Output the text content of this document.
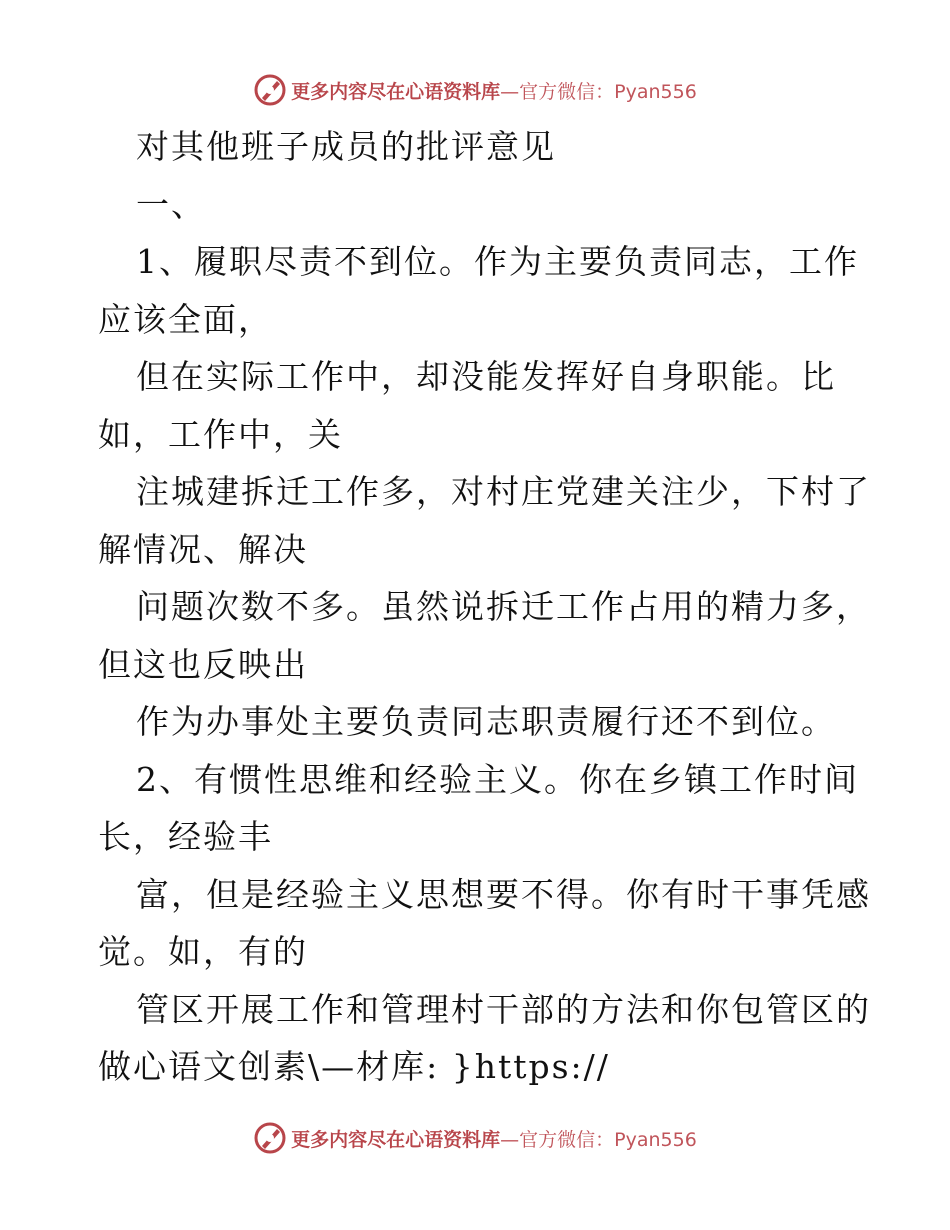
更多内容尽在心语资料库 —官方微信：Pyan556
对其他班子成员的批评意见
一、
1、履职尽责不到位。作为主要负责同志，工作
应该全面，
但在实际工作中，却没能发挥好自身职能。比
如，工作中，关
注城建拆迁工作多，对村庄党建关注少，下村了
解情况、解决
问题次数不多。虽然说拆迁工作占用的精力多，
但这也反映出
作为办事处主要负责同志职责履行还不到位。
2、有惯性思维和经验主义。你在乡镇工作时间
长，经验丰
富，但是经验主义思想要不得。你有时干事凭感
觉。如，有的
管区开展工作和管理村干部的方法和你包管区的
做心语文创素\—材库: }https://
更多内容尽在心语资料库 —官方微信：Pyan556
